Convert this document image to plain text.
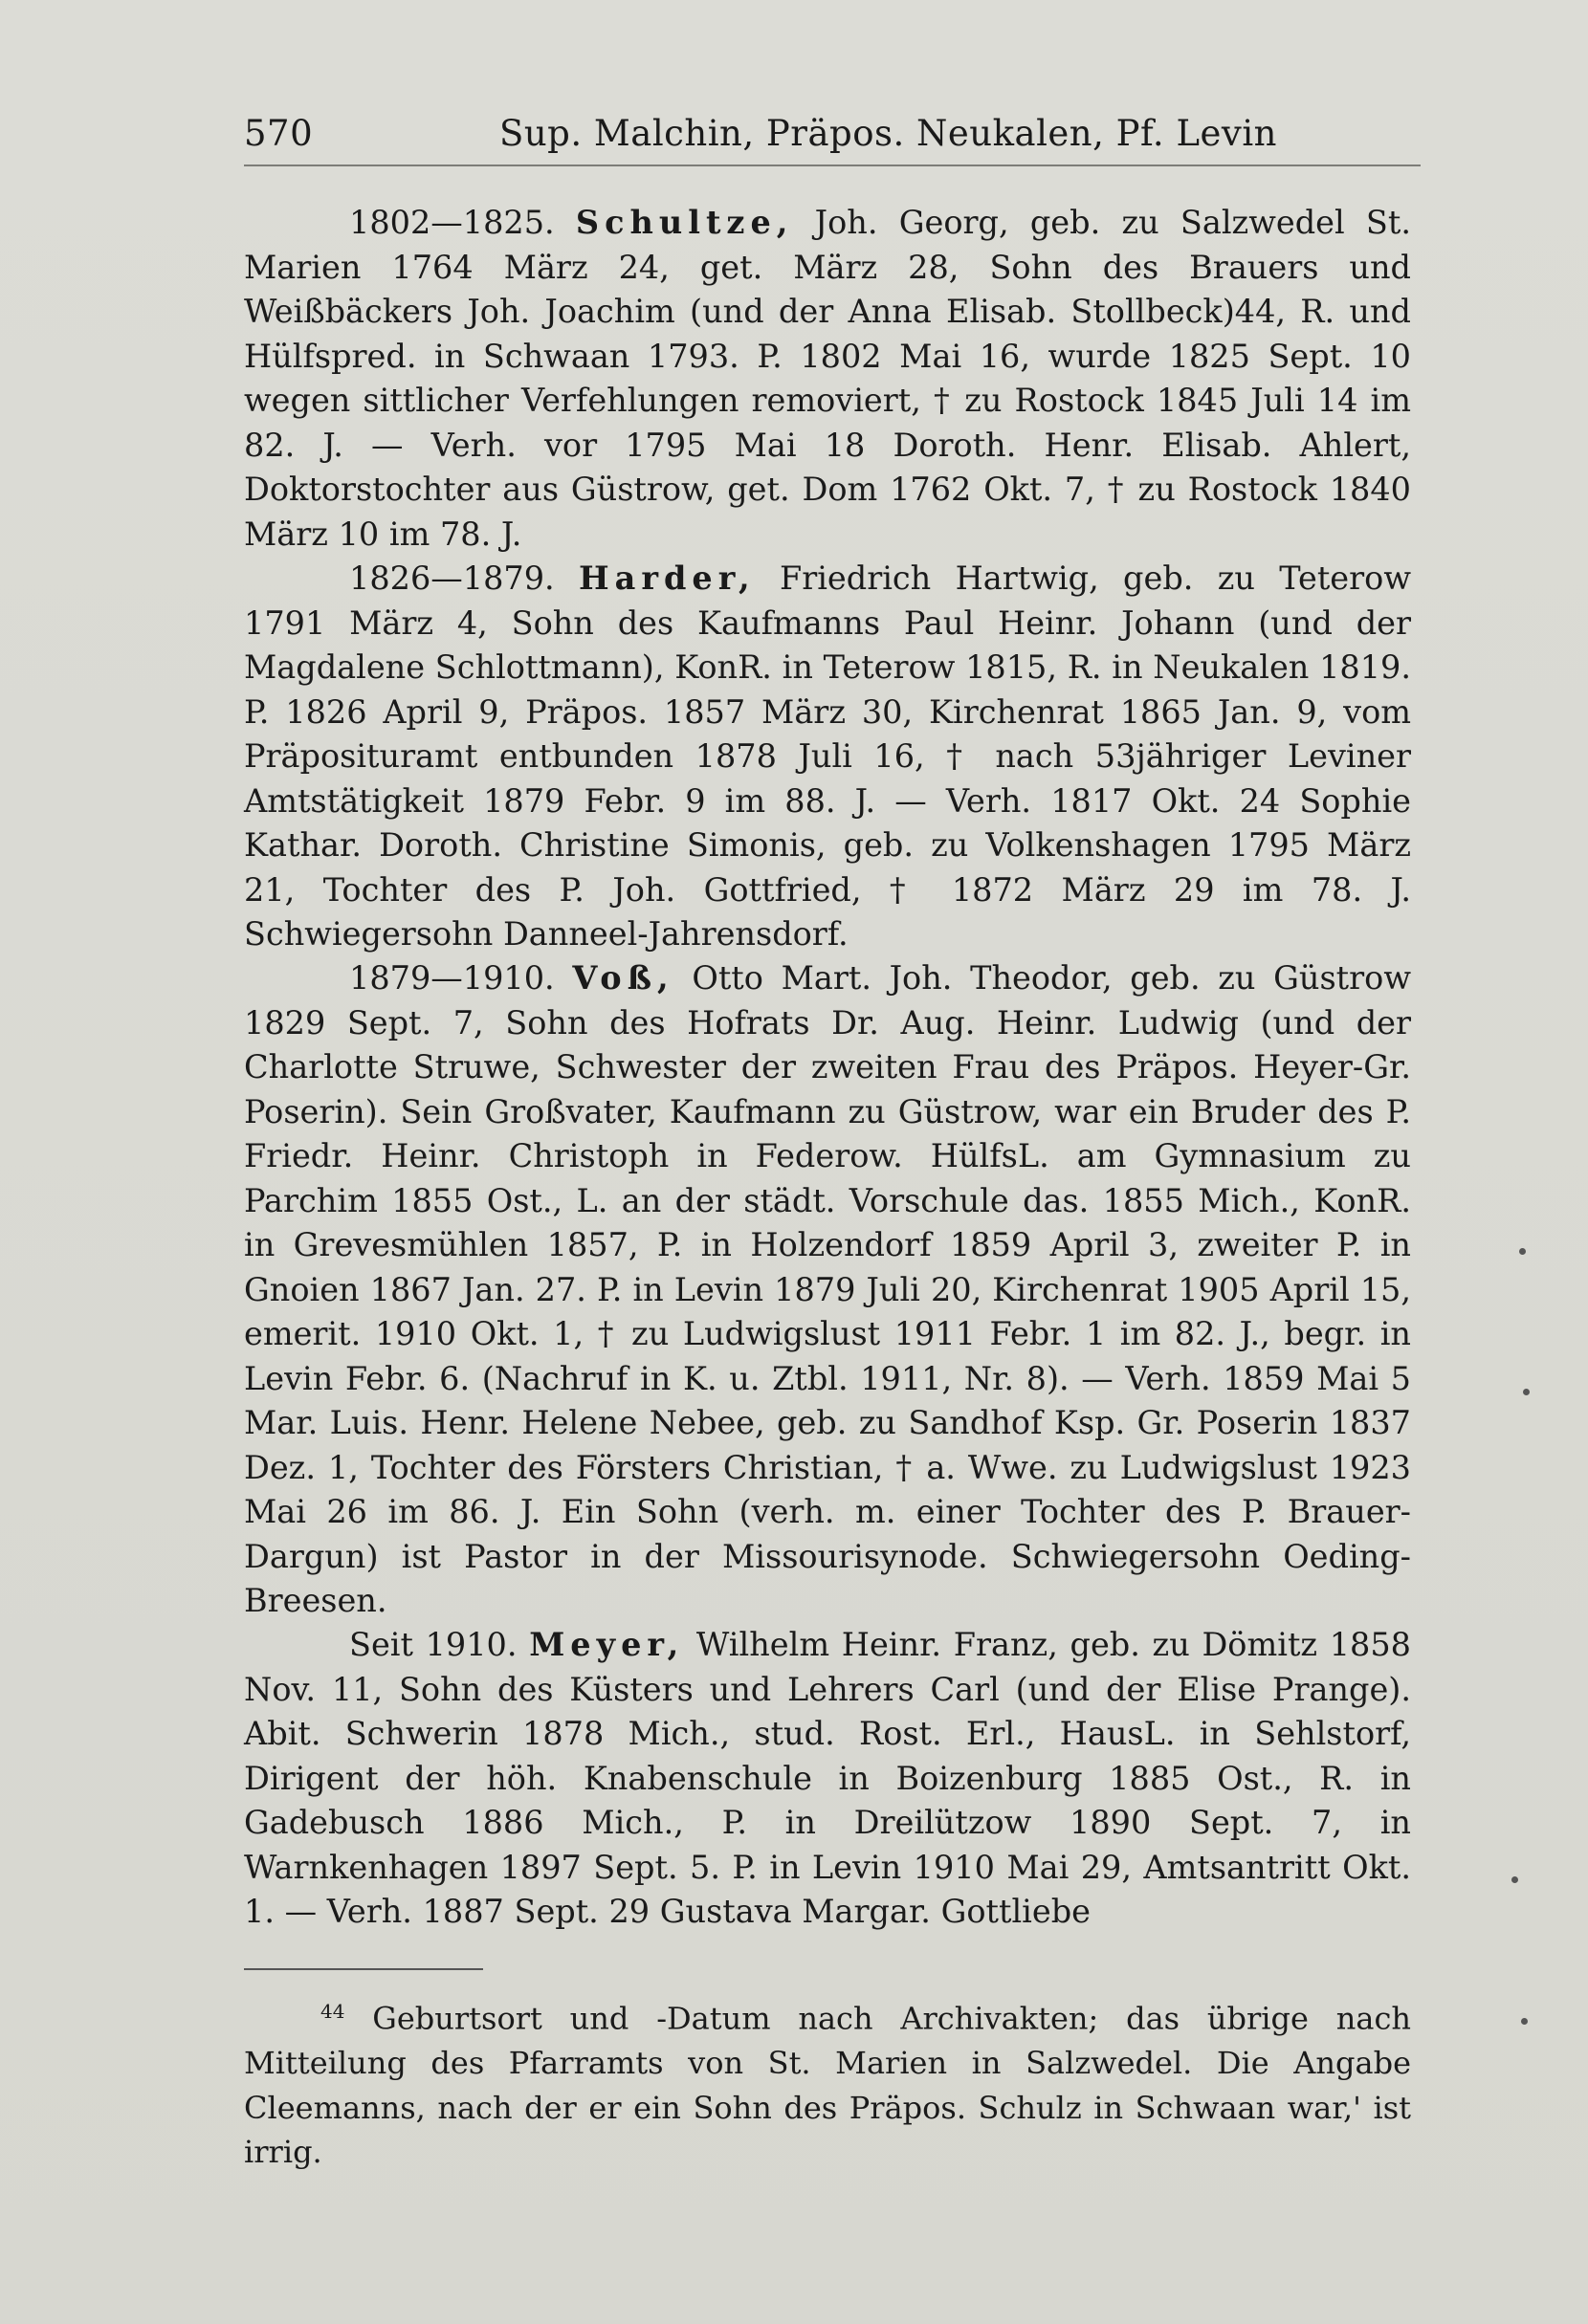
570	Sup. Malchin, Präpos. Neukalen, Pf. Levin

1802—1825. Schultze, Joh. Georg, geb. zu Salzwedel St. Marien 1764 März 24, get. März 28, Sohn des Brauers und Weißbäckers Joh. Joachim (und der Anna Elisab. Stollbeck)44, R. und Hülfspred. in Schwaan 1793. P. 1802 Mai 16, wurde 1825 Sept. 10 wegen sittlicher Verfehlungen removiert, † zu Rostock 1845 Juli 14 im 82. J. — Verh. vor 1795 Mai 18 Doroth. Henr. Elisab. Ahlert, Doktorstochter aus Güstrow, get. Dom 1762 Okt. 7, † zu Rostock 1840 März 10 im 78. J.

1826—1879. Harder, Friedrich Hartwig, geb. zu Teterow 1791 März 4, Sohn des Kaufmanns Paul Heinr. Johann (und der Magdalene Schlottmann), KonR. in Teterow 1815, R. in Neukalen 1819. P. 1826 April 9, Präpos. 1857 März 30, Kirchenrat 1865 Jan. 9, vom Präposituramt entbunden 1878 Juli 16, † nach 53jähriger Leviner Amtstätigkeit 1879 Febr. 9 im 88. J. — Verh. 1817 Okt. 24 Sophie Kathar. Doroth. Christine Simonis, geb. zu Volkenshagen 1795 März 21, Tochter des P. Joh. Gottfried, † 1872 März 29 im 78. J. Schwiegersohn Danneel-Jahrensdorf.

1879—1910. Voß, Otto Mart. Joh. Theodor, geb. zu Güstrow 1829 Sept. 7, Sohn des Hofrats Dr. Aug. Heinr. Ludwig (und der Charlotte Struwe, Schwester der zweiten Frau des Präpos. Heyer-Gr. Poserin). Sein Großvater, Kaufmann zu Güstrow, war ein Bruder des P. Friedr. Heinr. Christoph in Federow. HülfsL. am Gymnasium zu Parchim 1855 Ost., L. an der städt. Vorschule das. 1855 Mich., KonR. in Grevesmühlen 1857, P. in Holzendorf 1859 April 3, zweiter P. in Gnoien 1867 Jan. 27. P. in Levin 1879 Juli 20, Kirchenrat 1905 April 15, emerit. 1910 Okt. 1, † zu Ludwigslust 1911 Febr. 1 im 82. J., begr. in Levin Febr. 6. (Nachruf in K. u. Ztbl. 1911, Nr. 8). — Verh. 1859 Mai 5 Mar. Luis. Henr. Helene Nebee, geb. zu Sandhof Ksp. Gr. Poserin 1837 Dez. 1, Tochter des Försters Christian, † a. Wwe. zu Ludwigslust 1923 Mai 26 im 86. J. Ein Sohn (verh. m. einer Tochter des P. Brauer-Dargun) ist Pastor in der Missourisynode. Schwiegersohn Oeding-Breesen.

Seit 1910. Meyer, Wilhelm Heinr. Franz, geb. zu Dömitz 1858 Nov. 11, Sohn des Küsters und Lehrers Carl (und der Elise Prange). Abit. Schwerin 1878 Mich., stud. Rost. Erl., HausL. in Sehlstorf, Dirigent der höh. Knabenschule in Boizenburg 1885 Ost., R. in Gadebusch 1886 Mich., P. in Dreilützow 1890 Sept. 7, in Warnkenhagen 1897 Sept. 5. P. in Levin 1910 Mai 29, Amtsantritt Okt. 1. — Verh. 1887 Sept. 29 Gustava Margar. Gottliebe

$^{44}$ Geburtsort und -Datum nach Archivakten; das übrige nach Mitteilung des Pfarramts von St. Marien in Salzwedel. Die Angabe Cleemanns, nach der er ein Sohn des Präpos. Schulz in Schwaan war,' ist irrig.
